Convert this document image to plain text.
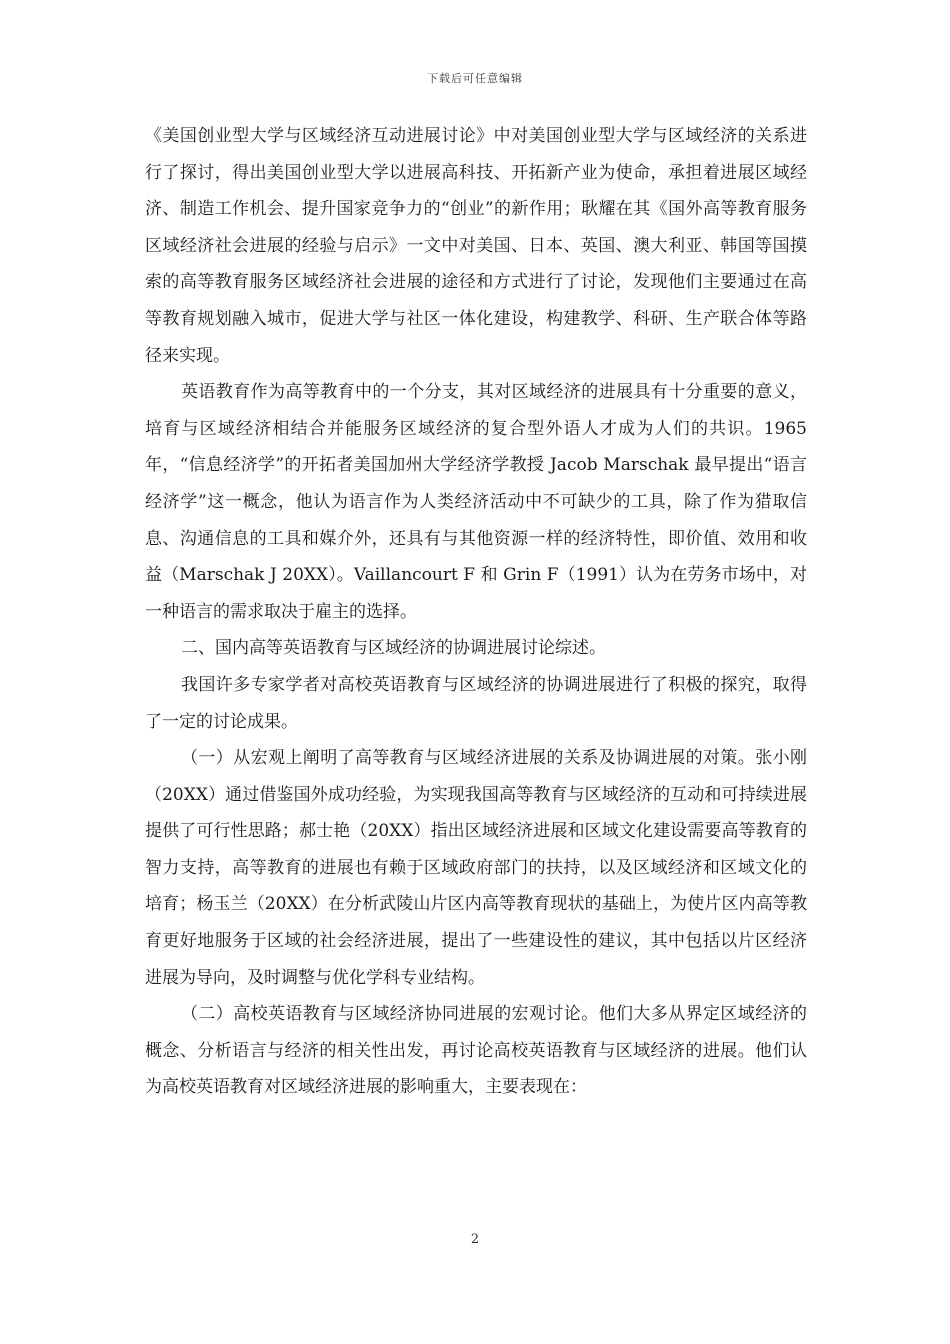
下载后可任意编辑

《美国创业型大学与区域经济互动进展讨论》中对美国创业型大学与区域经济的关系进行了探讨，得出美国创业型大学以进展高科技、开拓新产业为使命，承担着进展区域经济、制造工作机会、提升国家竞争力的“创业”的新作用；耿耀在其《国外高等教育服务区域经济社会进展的经验与启示》一文中对美国、日本、英国、澳大利亚、韩国等国摸索的高等教育服务区域经济社会进展的途径和方式进行了讨论，发现他们主要通过在高等教育规划融入城市，促进大学与社区一体化建设，构建教学、科研、生产联合体等路径来实现。

英语教育作为高等教育中的一个分支，其对区域经济的进展具有十分重要的意义，培育与区域经济相结合并能服务区域经济的复合型外语人才成为人们的共识。1965年，“信息经济学”的开拓者美国加州大学经济学教授 Jacob Marschak 最早提出“语言经济学”这一概念，他认为语言作为人类经济活动中不可缺少的工具，除了作为猎取信息、沟通信息的工具和媒介外，还具有与其他资源一样的经济特性，即价值、效用和收益（Marschak J 20XX）。Vaillancourt F 和 Grin F（1991）认为在劳务市场中，对一种语言的需求取决于雇主的选择。

二、国内高等英语教育与区域经济的协调进展讨论综述。

我国许多专家学者对高校英语教育与区域经济的协调进展进行了积极的探究，取得了一定的讨论成果。

（一）从宏观上阐明了高等教育与区域经济进展的关系及协调进展的对策。张小刚（20XX）通过借鉴国外成功经验，为实现我国高等教育与区域经济的互动和可持续进展提供了可行性思路；郝士艳（20XX）指出区域经济进展和区域文化建设需要高等教育的智力支持，高等教育的进展也有赖于区域政府部门的扶持，以及区域经济和区域文化的培育；杨玉兰（20XX）在分析武陵山片区内高等教育现状的基础上，为使片区内高等教育更好地服务于区域的社会经济进展，提出了一些建设性的建议，其中包括以片区经济进展为导向，及时调整与优化学科专业结构。

（二）高校英语教育与区域经济协同进展的宏观讨论。他们大多从界定区域经济的概念、分析语言与经济的相关性出发，再讨论高校英语教育与区域经济的进展。他们认为高校英语教育对区域经济进展的影响重大，主要表现在：

2
